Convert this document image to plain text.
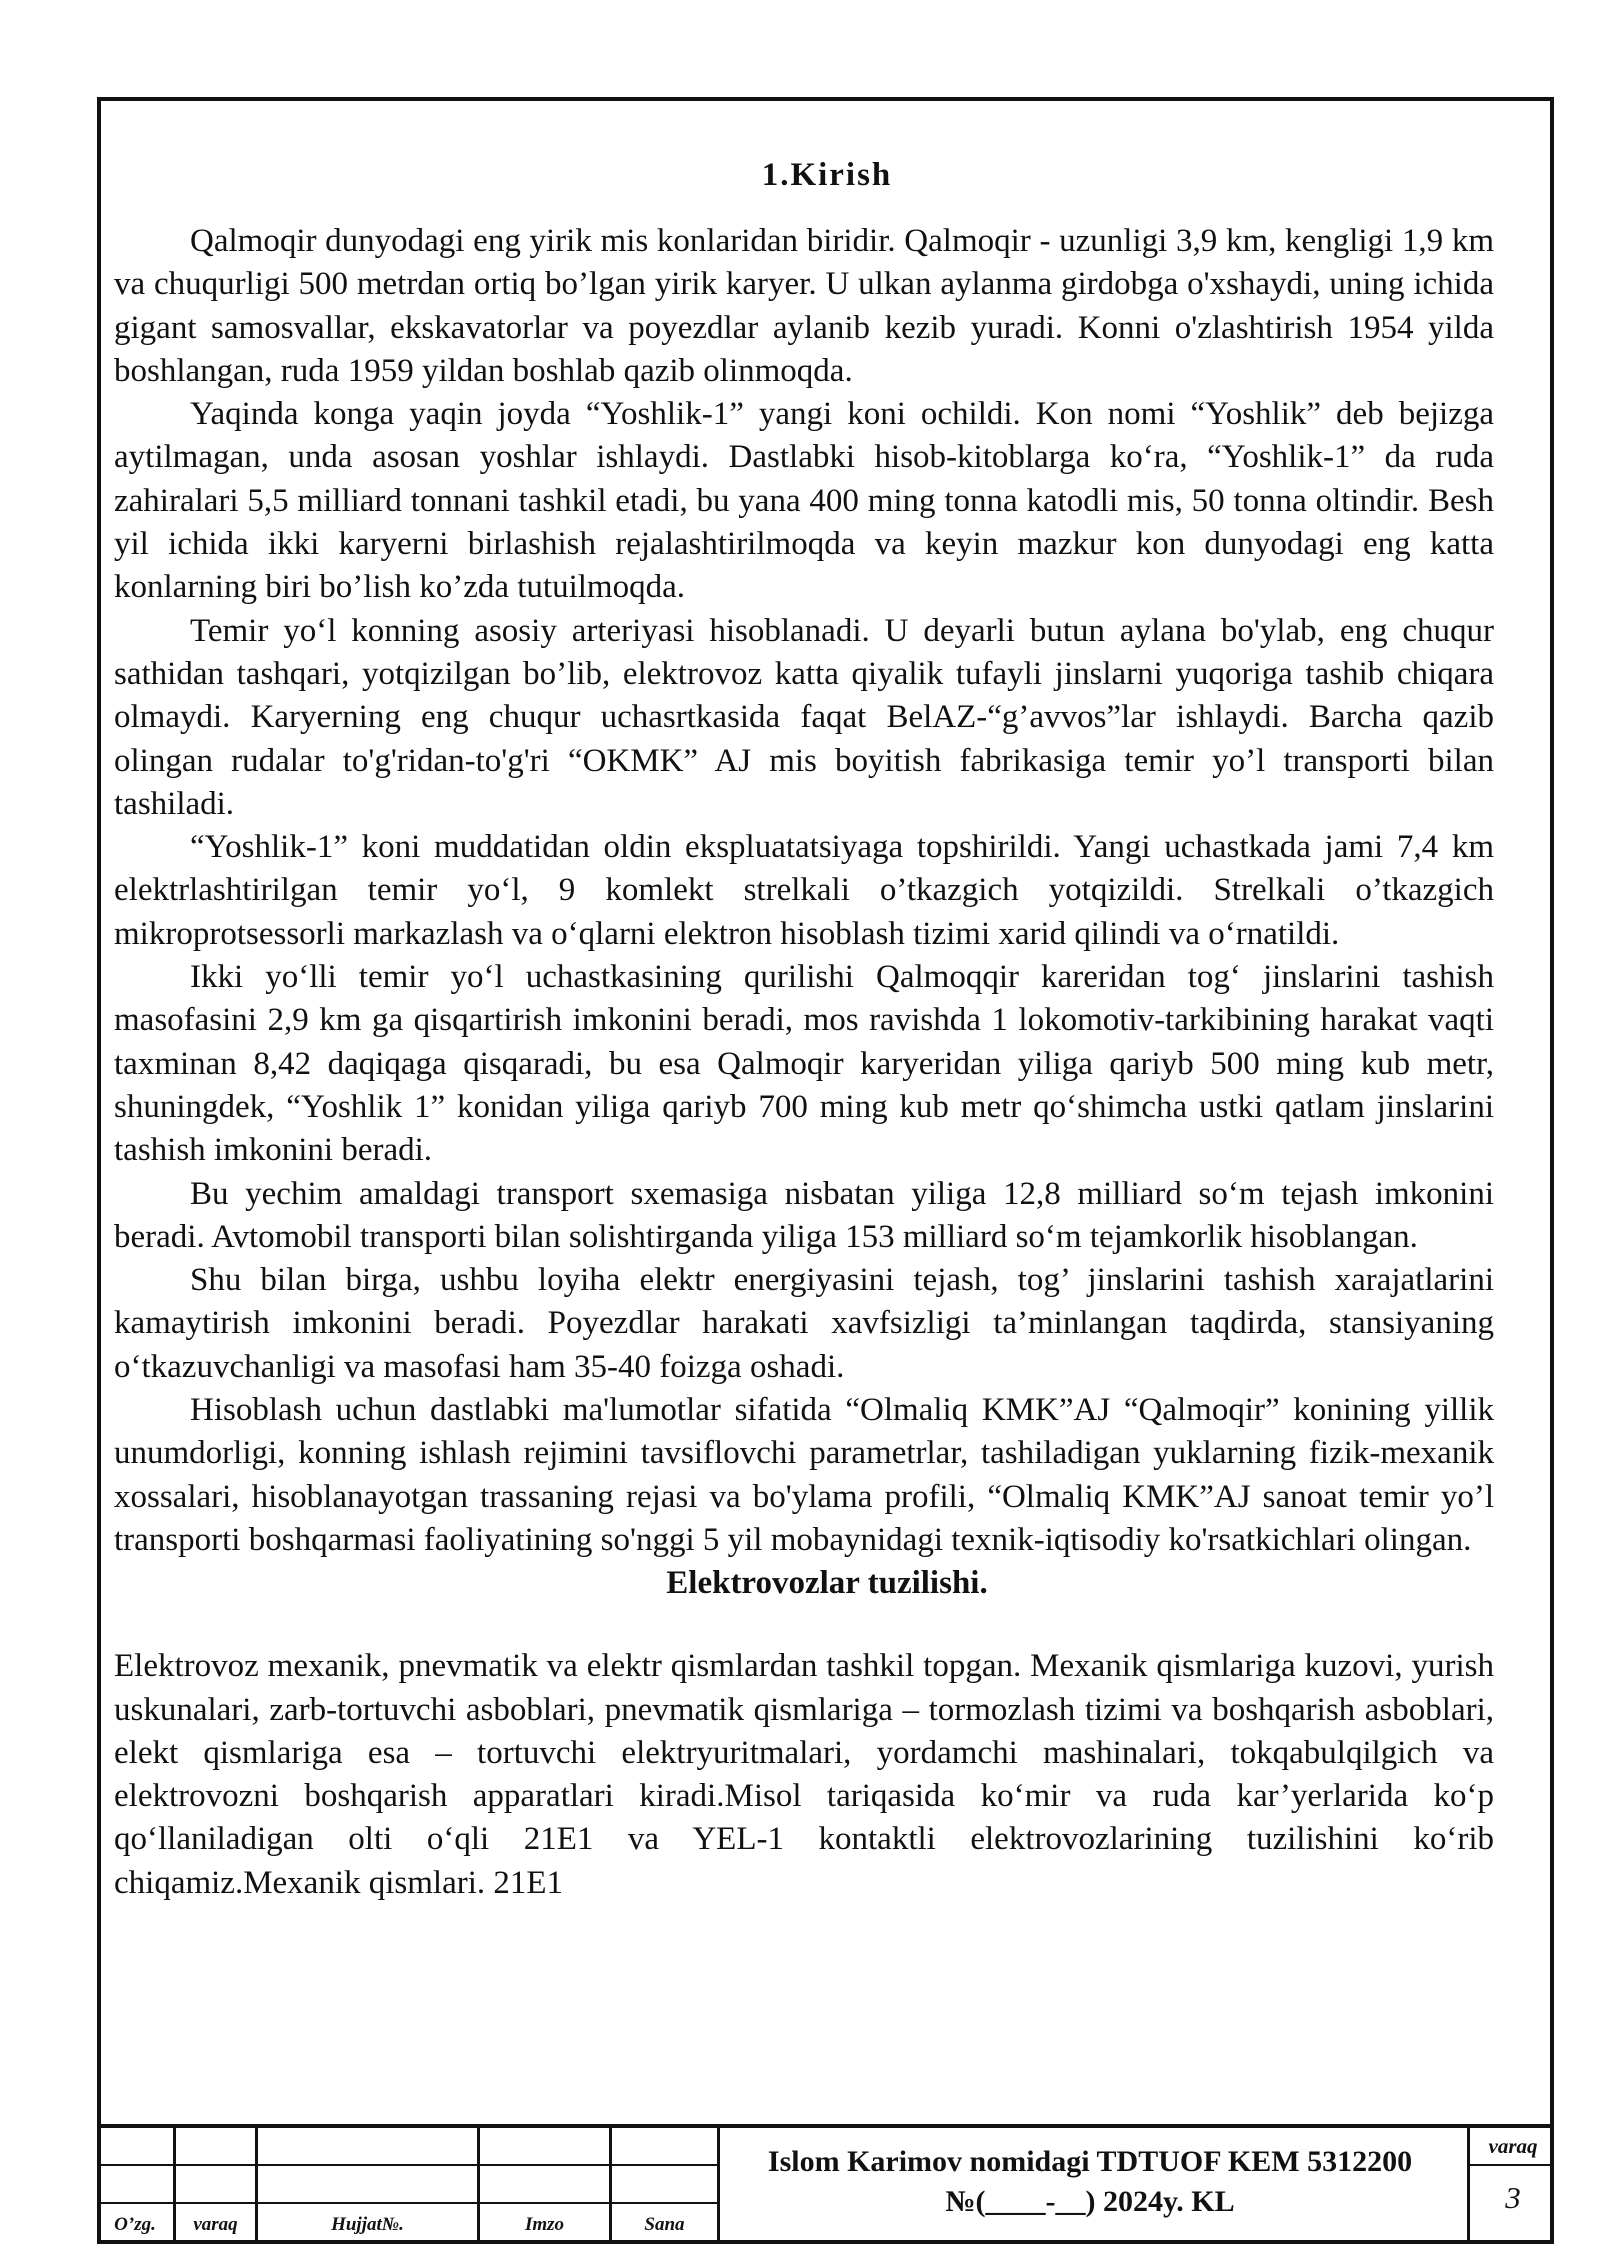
1.Kirish

Qalmoqir dunyodagi eng yirik mis konlaridan biridir. Qalmoqir - uzunligi 3,9 km, kengligi 1,9 km va chuqurligi 500 metrdan ortiq bo’lgan yirik karyer. U ulkan aylanma girdobga o'xshaydi, uning ichida gigant samosvallar, ekskavatorlar va poyezdlar aylanib kezib yuradi. Konni o'zlashtirish 1954 yilda boshlangan, ruda 1959 yildan boshlab qazib olinmoqda.

Yaqinda konga yaqin joyda “Yoshlik-1” yangi koni ochildi. Kon nomi “Yoshlik” deb bejizga aytilmagan, unda asosan yoshlar ishlaydi. Dastlabki hisob-kitoblarga ko‘ra, “Yoshlik-1” da ruda zahiralari 5,5 milliard tonnani tashkil etadi, bu yana 400 ming tonna katodli mis, 50 tonna oltindir. Besh yil ichida ikki karyerni birlashish rejalashtirilmoqda va keyin mazkur kon dunyodagi eng katta konlarning biri bo’lish ko’zda tutuilmoqda.

Temir yo‘l konning asosiy arteriyasi hisoblanadi. U deyarli butun aylana bo'ylab, eng chuqur sathidan tashqari, yotqizilgan bo’lib, elektrovoz katta qiyalik tufayli jinslarni yuqoriga tashib chiqara olmaydi. Karyerning eng chuqur uchasrtkasida faqat BelAZ-“g’avvos”lar ishlaydi. Barcha qazib olingan rudalar to'g'ridan-to'g'ri “OKMK” AJ mis boyitish fabrikasiga temir yo’l transporti bilan tashiladi.

“Yoshlik-1” koni muddatidan oldin ekspluatatsiyaga topshirildi. Yangi uchastkada jami 7,4 km elektrlashtirilgan temir yo‘l, 9 komlekt strelkali o’tkazgich yotqizildi. Strelkali o’tkazgich mikroprotsessorli markazlash va o‘qlarni elektron hisoblash tizimi xarid qilindi va o‘rnatildi.

Ikki yo‘lli temir yo‘l uchastkasining qurilishi Qalmoqqir kareridan tog‘ jinslarini tashish masofasini 2,9 km ga qisqartirish imkonini beradi, mos ravishda 1 lokomotiv-tarkibining harakat vaqti taxminan 8,42 daqiqaga qisqaradi, bu esa Qalmoqir karyeridan yiliga qariyb 500 ming kub metr, shuningdek, “Yoshlik 1” konidan yiliga qariyb 700 ming kub metr qo‘shimcha ustki qatlam jinslarini tashish imkonini beradi.

Bu yechim amaldagi transport sxemasiga nisbatan yiliga 12,8 milliard so‘m tejash imkonini beradi. Avtomobil transporti bilan solishtirganda yiliga 153 milliard so‘m tejamkorlik hisoblangan.

Shu bilan birga, ushbu loyiha elektr energiyasini tejash, tog’ jinslarini tashish xarajatlarini kamaytirish imkonini beradi. Poyezdlar harakati xavfsizligi ta’minlangan taqdirda, stansiyaning o‘tkazuvchanligi va masofasi ham 35-40 foizga oshadi.

Hisoblash uchun dastlabki ma'lumotlar sifatida “Olmaliq KMK”AJ “Qalmoqir” konining yillik unumdorligi, konning ishlash rejimini tavsiflovchi parametrlar, tashiladigan yuklarning fizik-mexanik xossalari, hisoblanayotgan trassaning rejasi va bo'ylama profili, “Olmaliq KMK”AJ sanoat temir yo’l transporti boshqarmasi faoliyatining so'nggi 5 yil mobaynidagi texnik-iqtisodiy ko'rsatkichlari olingan.

Elektrovozlar tuzilishi.

Elektrovoz mexanik, pnevmatik va elektr qismlardan tashkil topgan. Mexanik qismlariga kuzovi, yurish uskunalari, zarb-tortuvchi asboblari, pnevmatik qismlariga – tormozlash tizimi va boshqarish asboblari, elekt qismlariga esa – tortuvchi elektryuritmalari, yordamchi mashinalari, tokqabulqilgich va elektrovozni boshqarish apparatlari kiradi.Misol tariqasida ko‘mir va ruda kar’yerlarida ko‘p qo‘llaniladigan olti o‘qli 21E1 va YEL-1 kontaktli elektrovozlarining tuzilishini ko‘rib chiqamiz.Mexanik qismlari. 21E1

O’zg.	varaq	Hujjat№.	Imzo	Sana
Islom Karimov nomidagi TDTUOF KEM 5312200
№(____-__) 2024y. KL
varaq
3
